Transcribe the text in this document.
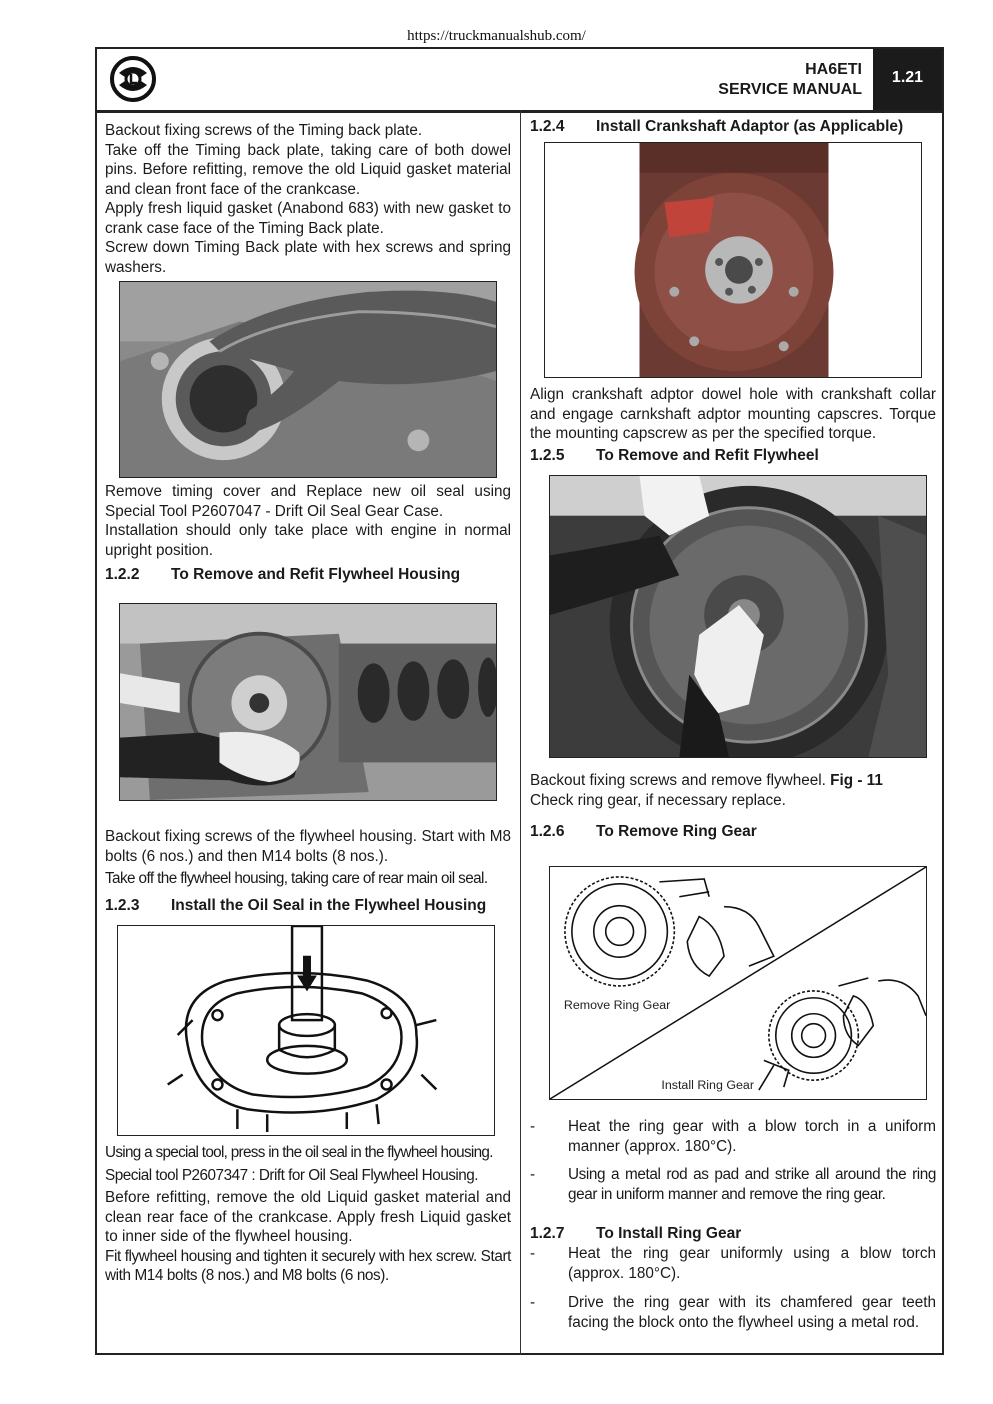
https://truckmanualshub.com/
HA6ETI
SERVICE MANUAL
1.21

Backout fixing screws of the Timing back plate.

Take off the Timing back plate, taking care of both dowel pins. Before refitting, remove the old Liquid gasket material and clean front face of the crankcase.

Apply fresh liquid gasket (Anabond 683) with new gasket to crank case face of the Timing Back plate.

Screw down Timing Back plate with hex screws and spring washers.

Remove timing cover and Replace new oil seal using Special Tool P2607047 - Drift Oil Seal Gear Case.

Installation should only take place with engine in normal upright position.

1.2.2 To Remove and Refit Flywheel Housing

Backout fixing screws of the flywheel housing. Start with M8 bolts (6 nos.) and then M14 bolts (8 nos.).

Take off the flywheel housing, taking care of rear main oil seal.

1.2.3 Install the Oil Seal in the Flywheel Housing

Using a special tool, press in the oil seal in the flywheel housing.

Special tool P2607347 : Drift for Oil Seal Flywheel Housing.

Before refitting, remove the old Liquid gasket material and clean rear face of the crankcase. Apply fresh Liquid gasket to inner side of the flywheel housing.

Fit flywheel housing and tighten it securely with hex screw. Start with M14 bolts (8 nos.) and M8 bolts (6 nos).

1.2.4 Install Crankshaft Adaptor (as Applicable)

Align crankshaft adptor dowel hole with crankshaft collar and engage carnkshaft adptor mounting capscres. Torque the mounting capscrew as per the specified torque.

1.2.5 To Remove and Refit Flywheel

Backout fixing screws and remove flywheel. Fig - 11

Check ring gear, if necessary replace.

1.2.6 To Remove Ring Gear
Remove Ring Gear
Install Ring Gear
- Heat the ring gear with a blow torch in a uniform manner (approx. 180°C).
- Using a metal rod as pad and strike all around the ring gear in uniform manner and remove the ring gear.
1.2.7 To Install Ring Gear
- Heat the ring gear uniformly using a blow torch (approx. 180°C).
- Drive the ring gear with its chamfered gear teeth facing the block onto the flywheel using a metal rod.
